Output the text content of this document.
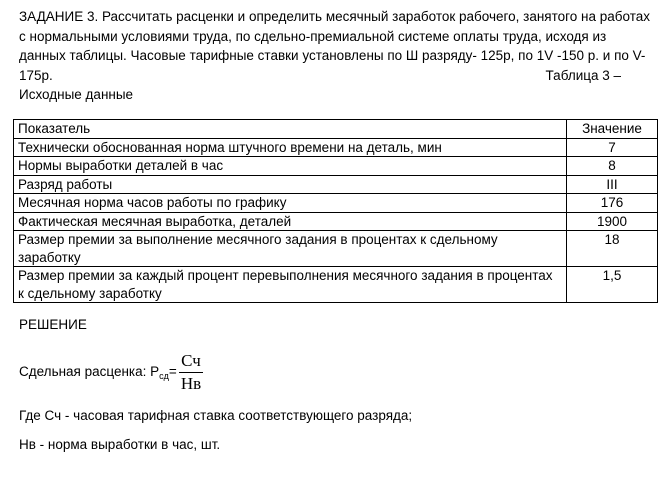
ЗАДАНИЕ 3. Рассчитать расценки и определить месячный заработок рабочего, занятого на работах
с нормальными условиями труда, по сдельно-премиальной системе оплаты труда, исходя из
данных таблицы. Часовые тарифные ставки установлены по Ш разряду- 125р, по 1V -150 р. и по V-
175р.	Таблица 3 –
Исходные данные
Показатель	Значение
Технически обоснованная норма штучного времени на деталь, мин	7
Нормы выработки деталей в час	8
Разряд работы	III
Месячная норма часов работы по графику	176
Фактическая месячная выработка, деталей	1900
Размер премии за выполнение месячного задания в процентах к сдельному заработку	18
Размер премии за каждый процент перевыполнения месячного задания в процентах к сдельному заработку	1,5

РЕШЕНИЕ

Сдельная расценка: $Р_{сд}= \frac{Сч}{Нв}$

Где Сч - часовая тарифная ставка соответствующего разряда;

Нв - норма выработки в час, шт.
